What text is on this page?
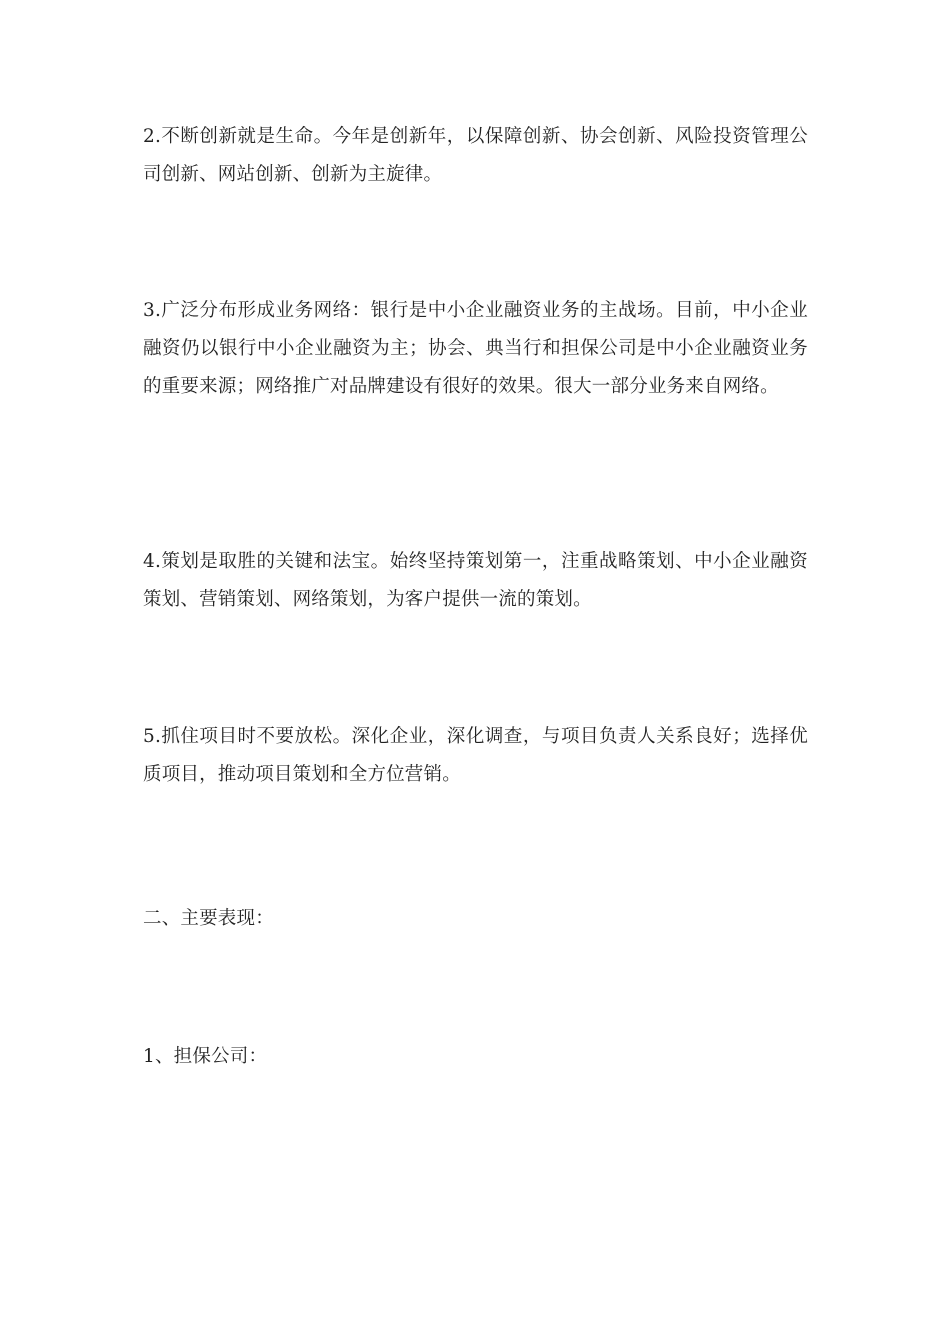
2.不断创新就是生命。今年是创新年，以保障创新、协会创新、风险投资管理公司创新、网站创新、创新为主旋律。

3.广泛分布形成业务网络：银行是中小企业融资业务的主战场。目前，中小企业融资仍以银行中小企业融资为主；协会、典当行和担保公司是中小企业融资业务的重要来源；网络推广对品牌建设有很好的效果。很大一部分业务来自网络。

4.策划是取胜的关键和法宝。始终坚持策划第一，注重战略策划、中小企业融资策划、营销策划、网络策划，为客户提供一流的策划。

5.抓住项目时不要放松。深化企业，深化调查，与项目负责人关系良好；选择优质项目，推动项目策划和全方位营销。

二、主要表现：

1、担保公司：
